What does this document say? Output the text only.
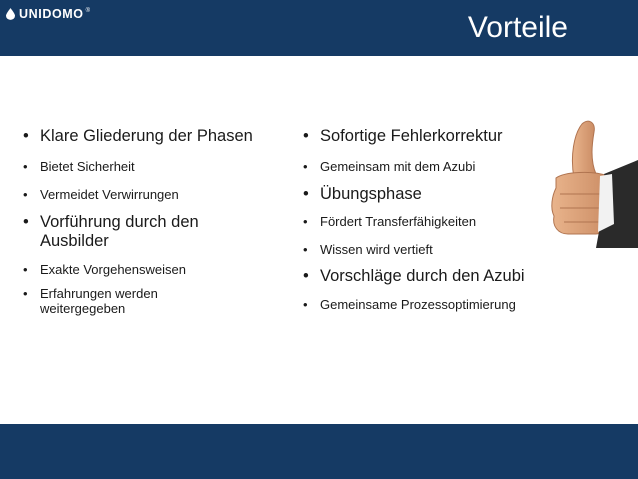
UNIDOMO ®	Vorteile
• Klare Gliederung der Phasen
• Bietet Sicherheit
• Vermeidet Verwirrungen
• Vorführung durch den Ausbilder
• Exakte Vorgehensweisen
• Erfahrungen werden weitergegeben
• Sofortige Fehlerkorrektur
• Gemeinsam mit dem Azubi
• Übungsphase
• Fördert Transferfähigkeiten
• Wissen wird vertieft
• Vorschläge durch den Azubi
• Gemeinsame Prozessoptimierung
